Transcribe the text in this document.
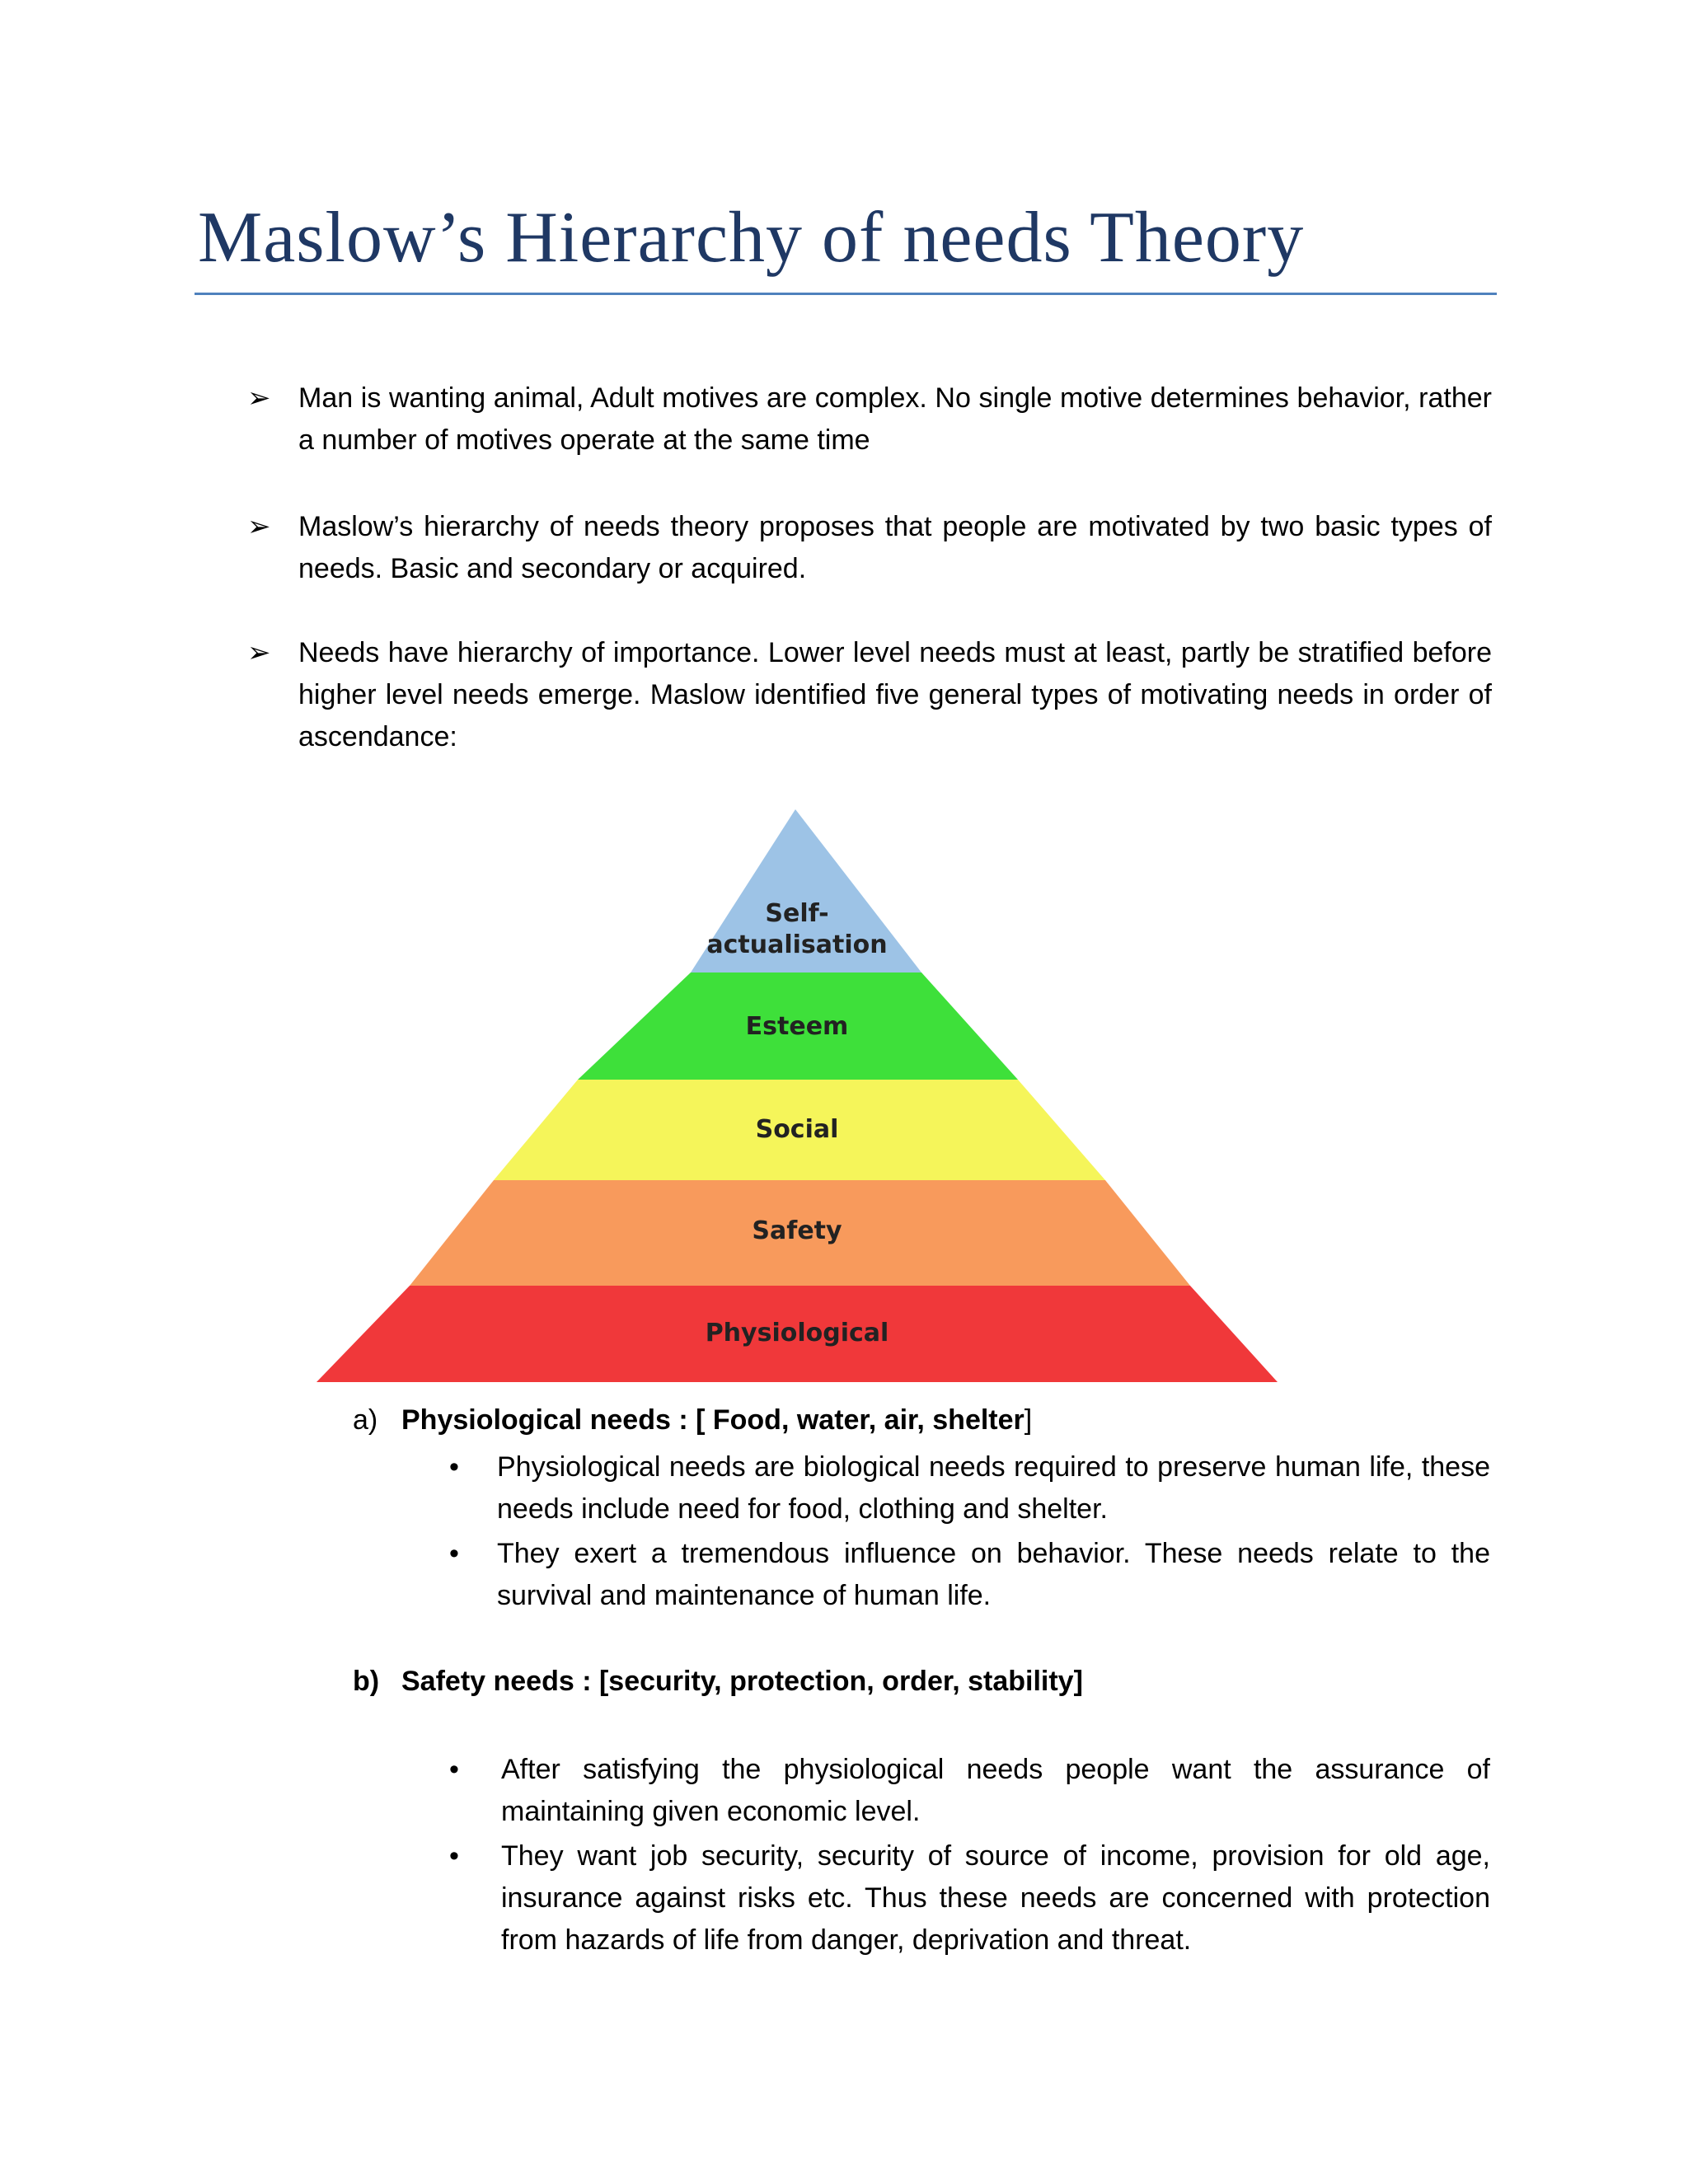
Maslow’s Hierarchy of needs Theory
➢ Man is wanting animal, Adult motives are complex. No single motive determines behavior, rather a number of motives operate at the same time
➢ Maslow’s hierarchy of needs theory proposes that people are motivated by two basic types of needs. Basic and secondary or acquired.
➢ Needs have hierarchy of importance. Lower level needs must at least, partly be stratified before higher level needs emerge. Maslow identified five general types of motivating needs in order of ascendance:
Self-
actualisation
Esteem
Social
Safety
Physiological
a) Physiological needs : [ Food, water, air, shelter]
• Physiological needs are biological needs required to preserve human life, these needs include need for food, clothing and shelter.
• They exert a tremendous influence on behavior. These needs relate to the survival and maintenance of human life.
b) Safety needs : [security, protection, order, stability]
• After satisfying the physiological needs people want the assurance of maintaining given economic level.
• They want job security, security of source of income, provision for old age, insurance against risks etc. Thus these needs are concerned with protection from hazards of life from danger, deprivation and threat.
